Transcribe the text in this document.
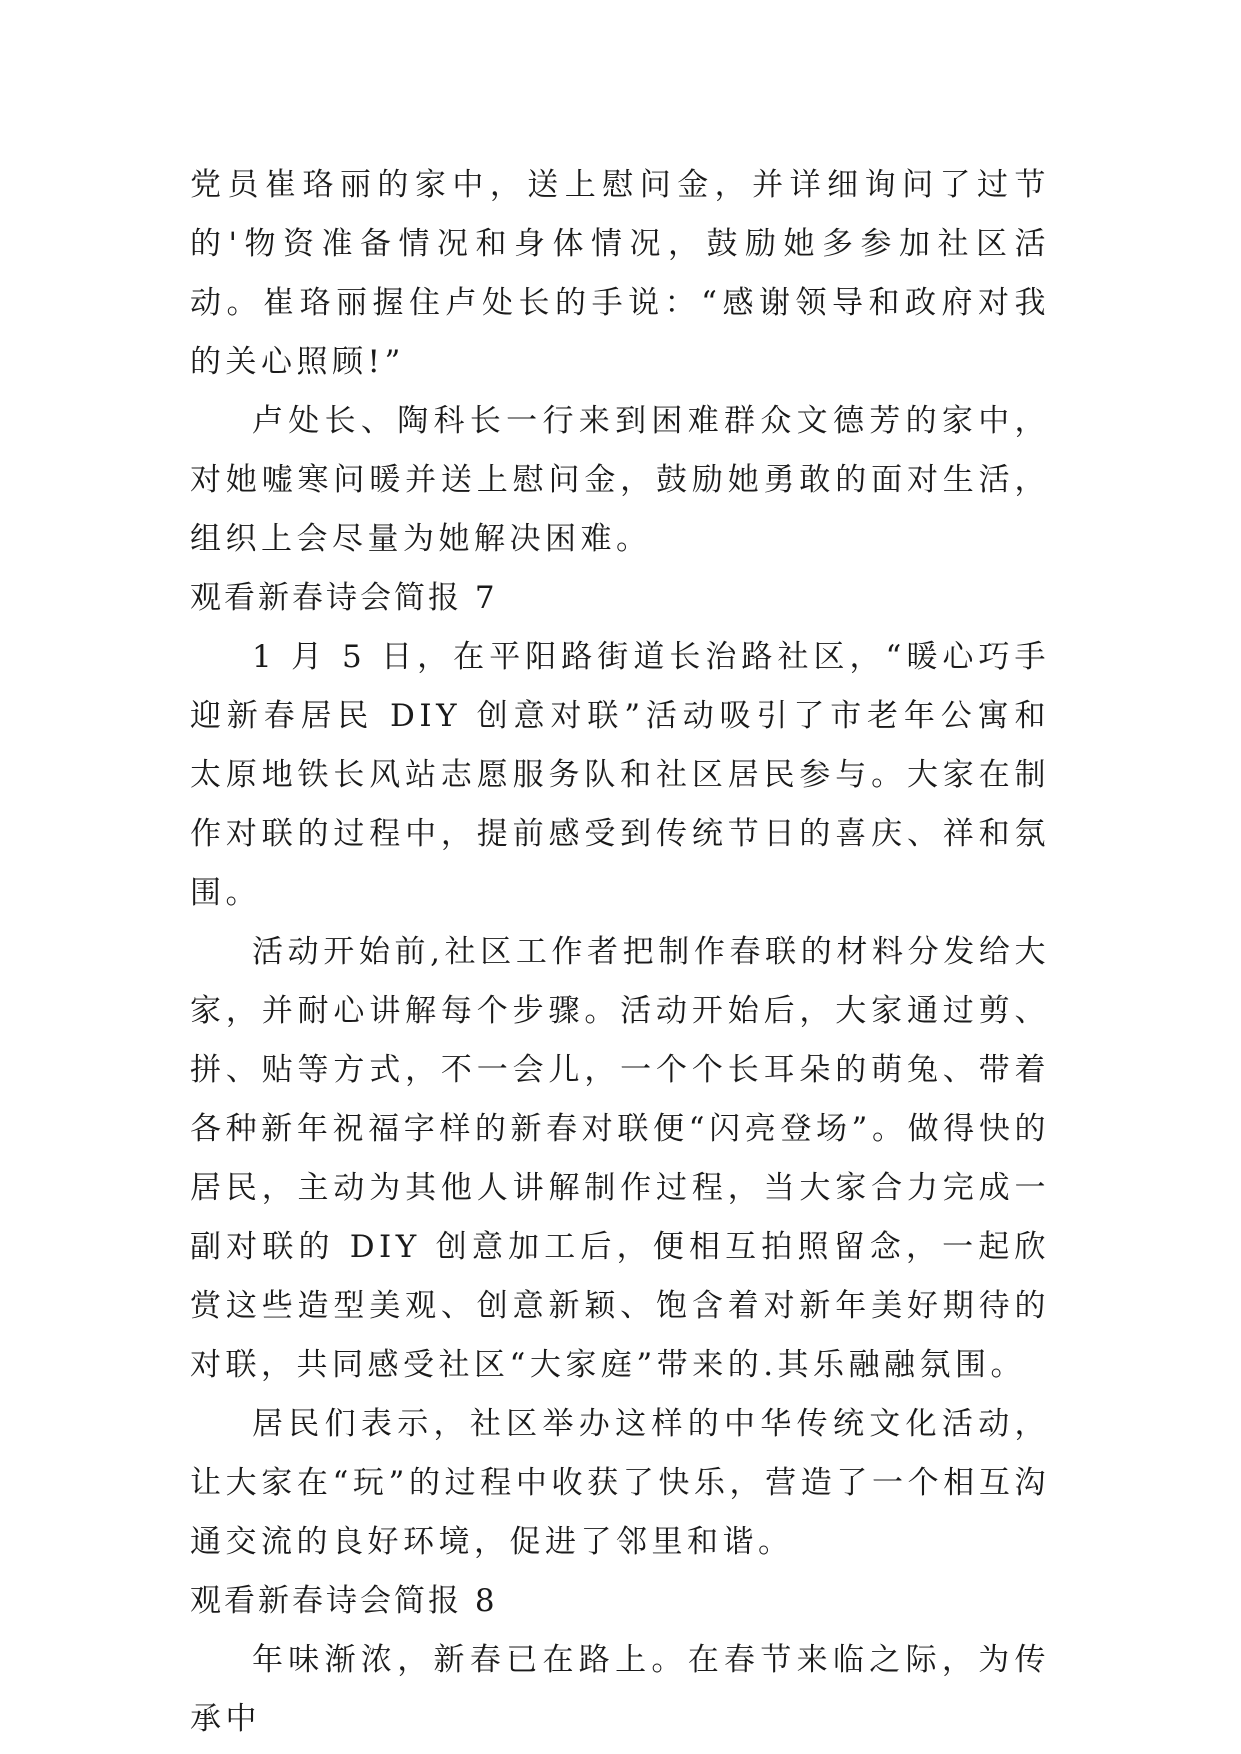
党员崔珞丽的家中，送上慰问金，并详细询问了过节的'物资准备情况和身体情况，鼓励她多参加社区活动。崔珞丽握住卢处长的手说：“感谢领导和政府对我的关心照顾!”

卢处长、陶科长一行来到困难群众文德芳的家中，对她嘘寒问暖并送上慰问金，鼓励她勇敢的面对生活，组织上会尽量为她解决困难。

观看新春诗会简报 7

1 月 5 日，在平阳路街道长治路社区，“暖心巧手迎新春居民 DIY 创意对联”活动吸引了市老年公寓和太原地铁长风站志愿服务队和社区居民参与。大家在制作对联的过程中，提前感受到传统节日的喜庆、祥和氛围。

活动开始前,社区工作者把制作春联的材料分发给大家，并耐心讲解每个步骤。活动开始后，大家通过剪、拼、贴等方式，不一会儿，一个个长耳朵的萌兔、带着各种新年祝福字样的新春对联便“闪亮登场”。做得快的居民，主动为其他人讲解制作过程，当大家合力完成一副对联的 DIY 创意加工后，便相互拍照留念，一起欣赏这些造型美观、创意新颖、饱含着对新年美好期待的对联，共同感受社区“大家庭”带来的.其乐融融氛围。

居民们表示，社区举办这样的中华传统文化活动，让大家在“玩”的过程中收获了快乐，营造了一个相互沟通交流的良好环境，促进了邻里和谐。

观看新春诗会简报 8

年味渐浓，新春已在路上。在春节来临之际，为传承中
